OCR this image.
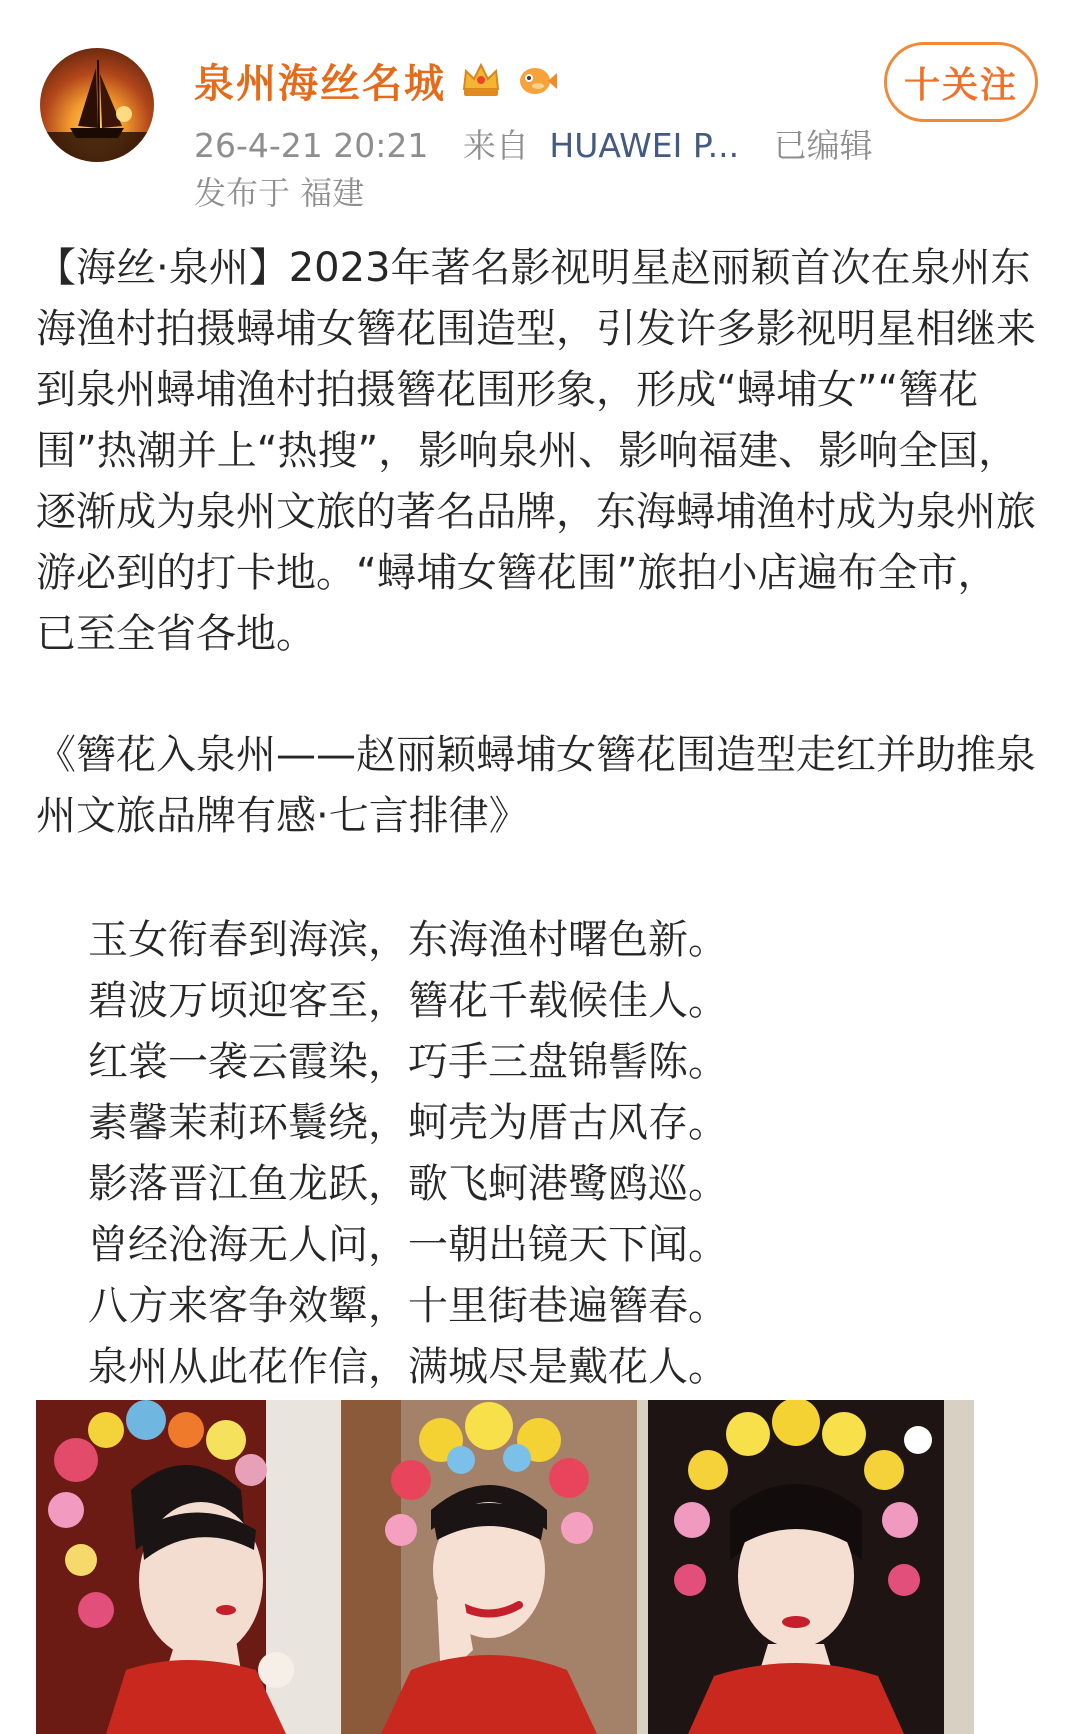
泉州海丝名城
26-4-21 20:21 来自 HUAWEI P... 已编辑
发布于 福建
十关注

【海丝·泉州】2023年著名影视明星赵丽颖首次在泉州东海渔村拍摄蟳埔女簪花围造型，引发许多影视明星相继来到泉州蟳埔渔村拍摄簪花围形象，形成“蟳埔女”“簪花围”热潮并上“热搜”，影响泉州、影响福建、影响全国，逐渐成为泉州文旅的著名品牌，东海蟳埔渔村成为泉州旅游必到的打卡地。“蟳埔女簪花围”旅拍小店遍布全市，已至全省各地。

《簪花入泉州——赵丽颖蟳埔女簪花围造型走红并助推泉州文旅品牌有感·七言排律》
玉女衔春到海滨，东海渔村曙色新。
碧波万顷迎客至，簪花千载候佳人。
红裳一袭云霞染，巧手三盘锦髻陈。
素馨茉莉环鬟绕，蚵壳为厝古风存。
影落晋江鱼龙跃，歌飞蚵港鹭鸥巡。
曾经沧海无人问，一朝出镜天下闻。
八方来客争效颦，十里街巷遍簪春。
泉州从此花作信，满城尽是戴花人。
